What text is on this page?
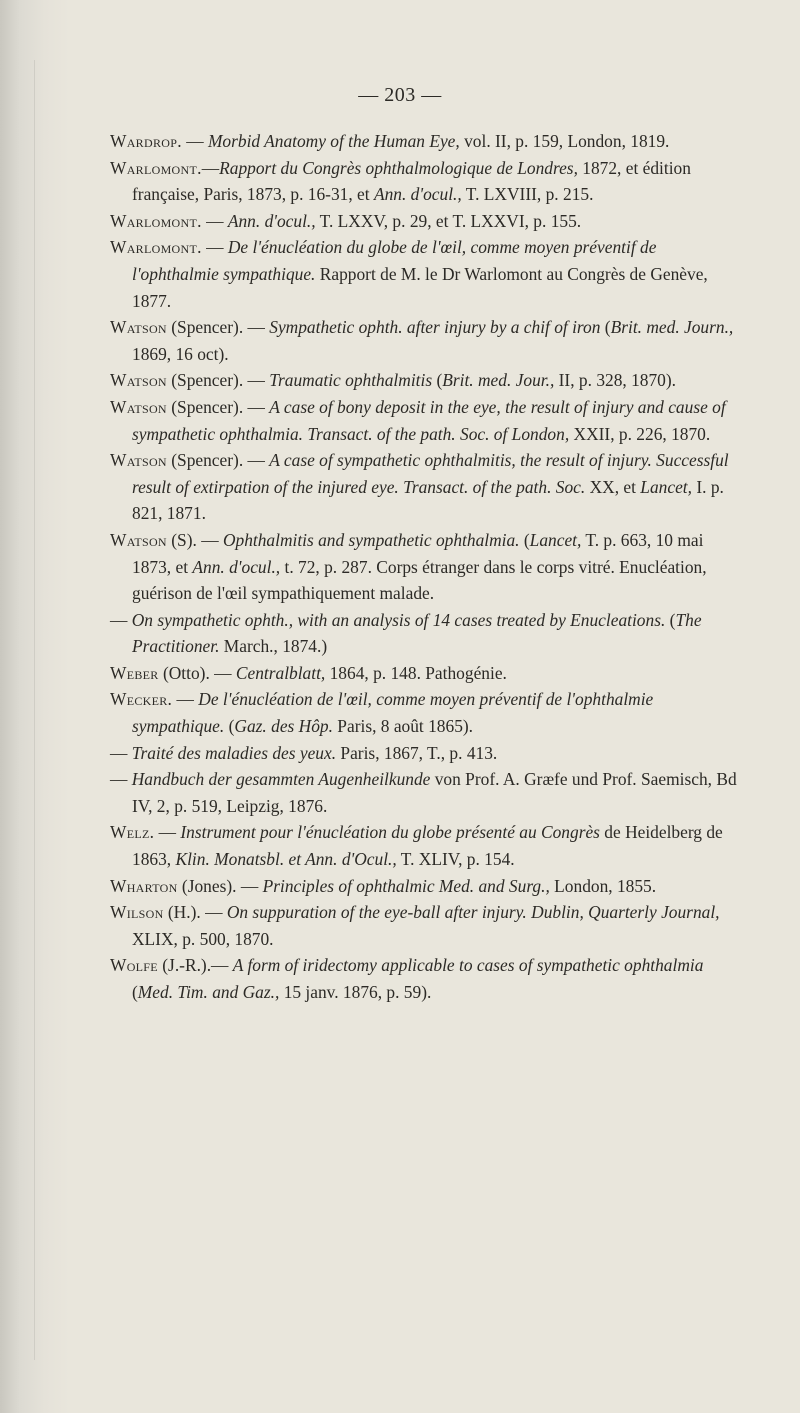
— 203 —

Wardrop. — Morbid Anatomy of the Human Eye, vol. II, p. 159, London, 1819.

Warlomont.—Rapport du Congrès ophthalmologique de Londres, 1872, et édition française, Paris, 1873, p. 16-31, et Ann. d'ocul., T. LXVIII, p. 215.

Warlomont. — Ann. d'ocul., T. LXXV, p. 29, et T. LXXVI, p. 155.

Warlomont. — De l'énucléation du globe de l'œil, comme moyen préventif de l'ophthalmie sympathique. Rapport de M. le Dr Warlomont au Congrès de Genève, 1877.

Watson (Spencer). — Sympathetic ophth. after injury by a chif of iron (Brit. med. Journ., 1869, 16 oct).

Watson (Spencer). — Traumatic ophthalmitis (Brit. med. Jour., II, p. 328, 1870).

Watson (Spencer). — A case of bony deposit in the eye, the result of injury and cause of sympathetic ophthalmia. Transact. of the path. Soc. of London, XXII, p. 226, 1870.

Watson (Spencer). — A case of sympathetic ophthalmitis, the result of injury. Successful result of extirpation of the injured eye. Transact. of the path. Soc. XX, et Lancet, I. p. 821, 1871.

Watson (S). — Ophthalmitis and sympathetic ophthalmia. (Lancet, T. p. 663, 10 mai 1873, et Ann. d'ocul., t. 72, p. 287. Corps étranger dans le corps vitré. Enucléation, guérison de l'œil sympathiquement malade.

— On sympathetic ophth., with an analysis of 14 cases treated by Enucleations. (The Practitioner. March., 1874.)

Weber (Otto). — Centralblatt, 1864, p. 148. Pathogénie.

Wecker. — De l'énucléation de l'œil, comme moyen préventif de l'ophthalmie sympathique. (Gaz. des Hôp. Paris, 8 août 1865).

— Traité des maladies des yeux. Paris, 1867, T., p. 413.

— Handbuch der gesammten Augenheilkunde von Prof. A. Græfe und Prof. Saemisch, Bd IV, 2, p. 519, Leipzig, 1876.

Welz. — Instrument pour l'énucléation du globe présenté au Congrès de Heidelberg de 1863, Klin. Monatsbl. et Ann. d'Ocul., T. XLIV, p. 154.

Wharton (Jones). — Principles of ophthalmic Med. and Surg., London, 1855.

Wilson (H.). — On suppuration of the eye-ball after injury. Dublin, Quarterly Journal, XLIX, p. 500, 1870.

Wolfe (J.-R.).— A form of iridectomy applicable to cases of sympathetic ophthalmia (Med. Tim. and Gaz., 15 janv. 1876, p. 59).
